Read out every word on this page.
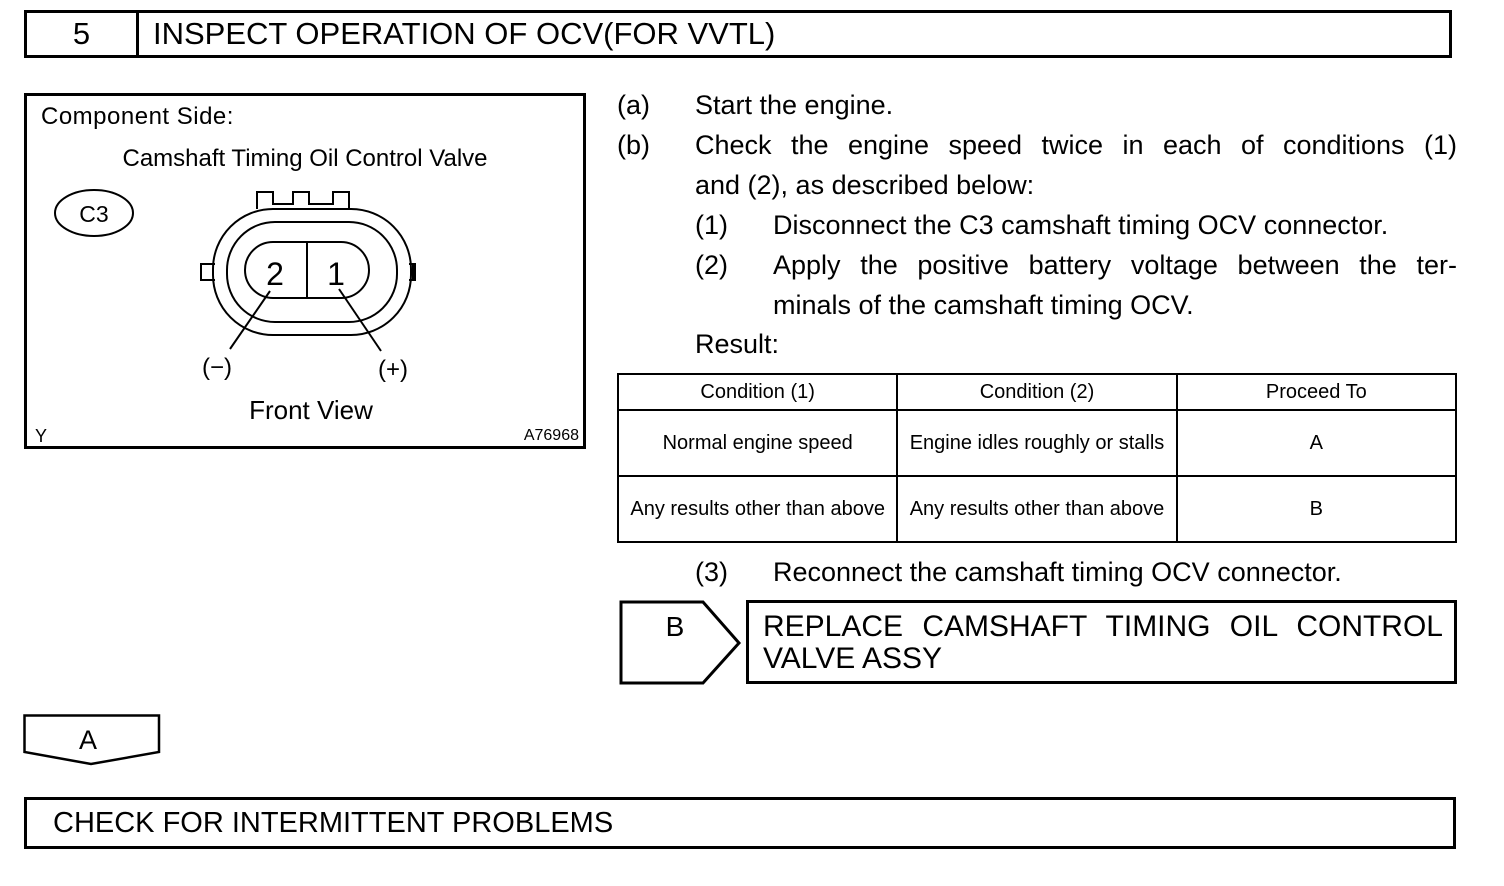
5	INSPECT OPERATION OF OCV(FOR VVTL)
Component Side:
Camshaft Timing Oil Control Valve
C3
2 1
(−)	(+)
Front View
Y	A76968
(a) Start the engine.
(b) Check the engine speed twice in each of conditions (1)
and (2), as described below:
(1) Disconnect the C3 camshaft timing OCV connector.
(2) Apply the positive battery voltage between the ter-
minals of the camshaft timing OCV.
Result:
Condition (1)	Condition (2)	Proceed To
Normal engine speed	Engine idles roughly or stalls	A
Any results other than above	Any results other than above	B
(3) Reconnect the camshaft timing OCV connector.
B	REPLACE CAMSHAFT TIMING OIL CONTROL
VALVE ASSY
A
CHECK FOR INTERMITTENT PROBLEMS
